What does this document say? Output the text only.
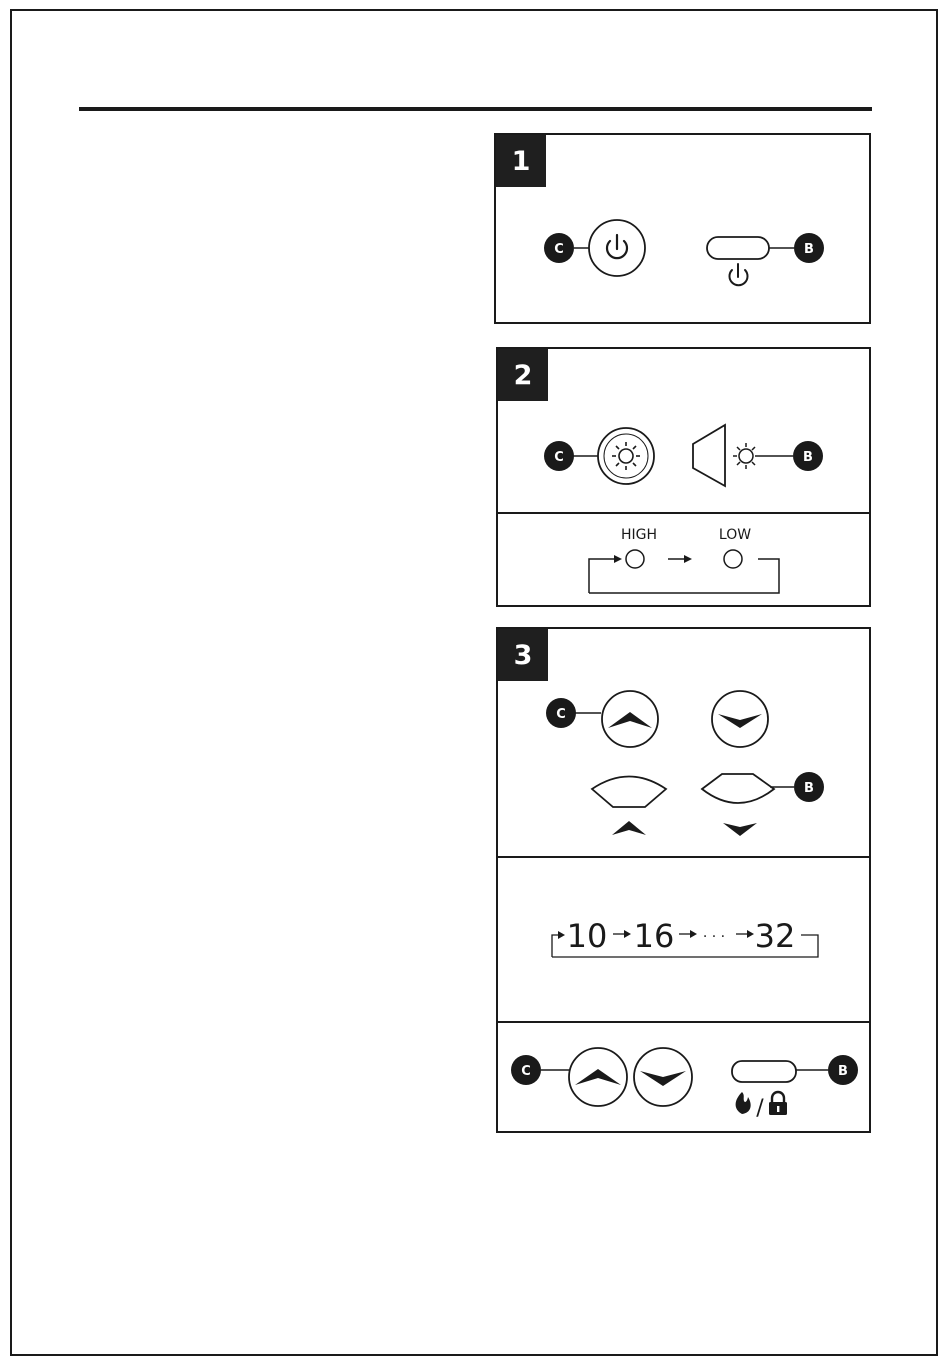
1
C	B
2
C	B
HIGH	LOW
3
C
B
10 16 · · · 32
C
/
B
